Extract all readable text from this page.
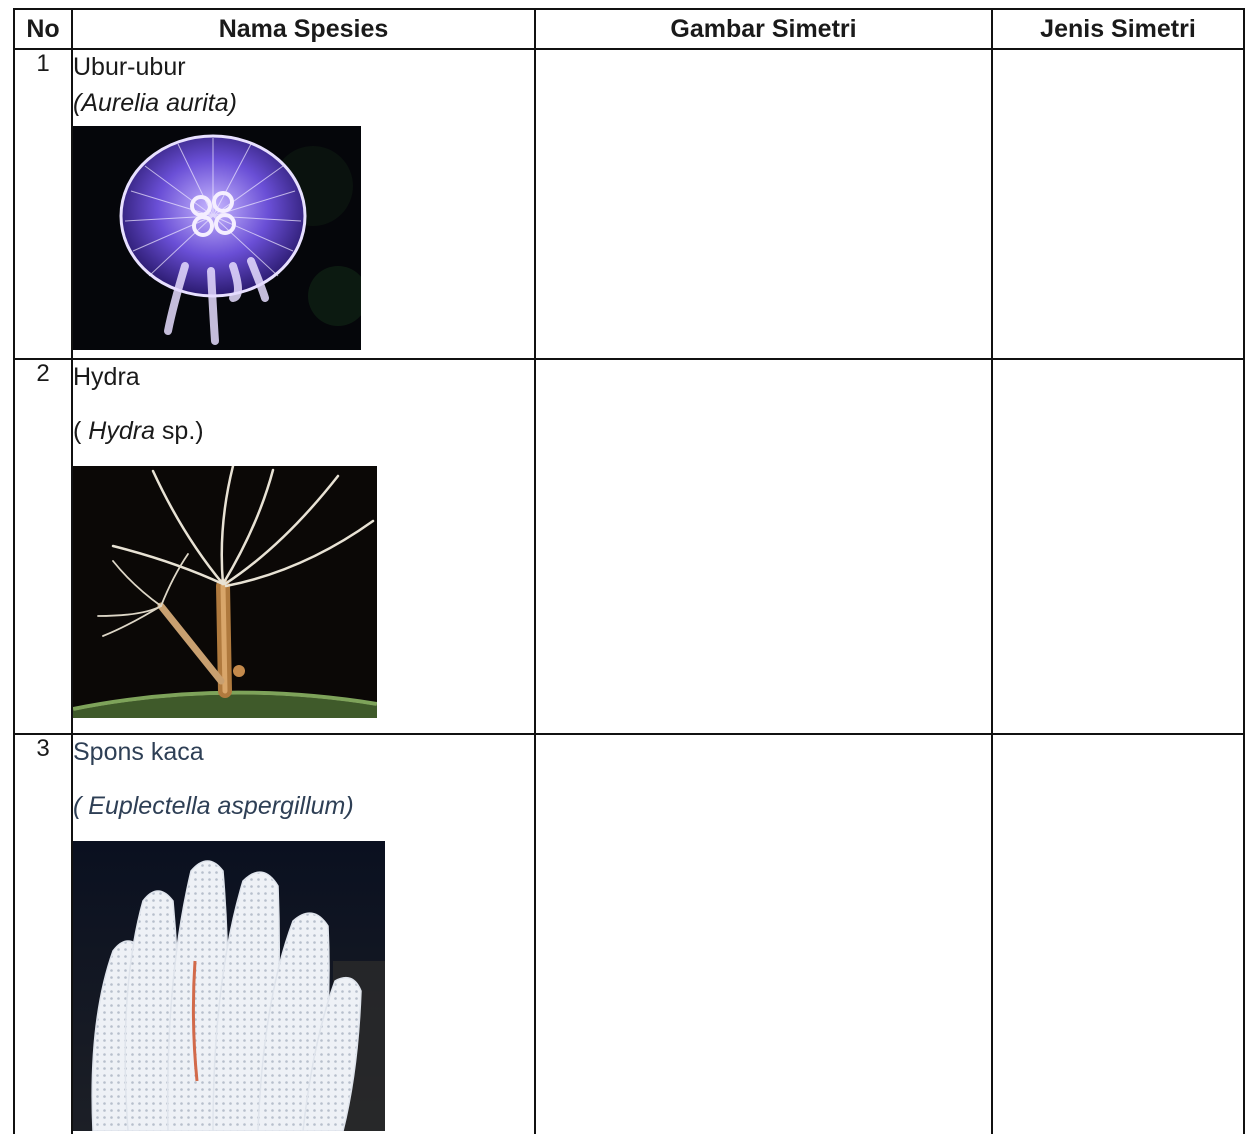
No	Nama Spesies	Gambar Simetri	Jenis Simetri
1	Ubur-ubur

(Aurelia aurita)		

2	Hydra

( Hydra sp.)		

3	Spons kaca

( Euplectella aspergillum)		
